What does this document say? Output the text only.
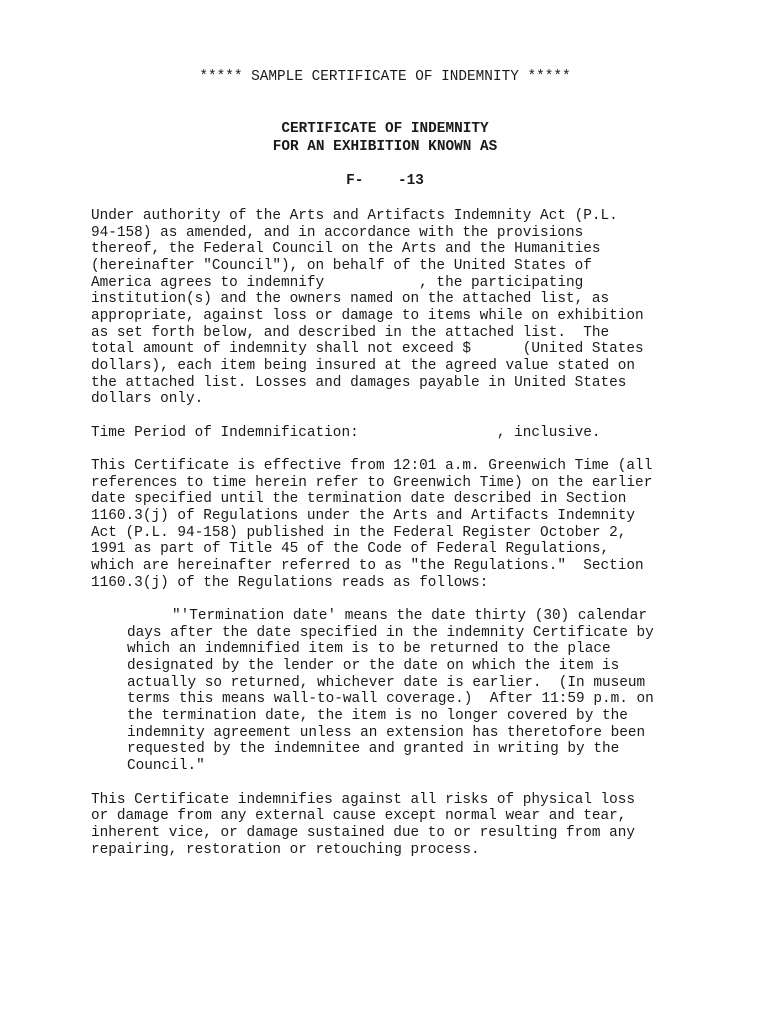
***** SAMPLE CERTIFICATE OF INDEMNITY *****
CERTIFICATE OF INDEMNITY
FOR AN EXHIBITION KNOWN AS
F-    -13
Under authority of the Arts and Artifacts Indemnity Act (P.L.
94-158) as amended, and in accordance with the provisions
thereof, the Federal Council on the Arts and the Humanities
(hereinafter "Council"), on behalf of the United States of
America agrees to indemnify           , the participating
institution(s) and the owners named on the attached list, as
appropriate, against loss or damage to items while on exhibition
as set forth below, and described in the attached list.  The
total amount of indemnity shall not exceed $      (United States
dollars), each item being insured at the agreed value stated on
the attached list. Losses and damages payable in United States
dollars only.
Time Period of Indemnification:                , inclusive.
This Certificate is effective from 12:01 a.m. Greenwich Time (all
references to time herein refer to Greenwich Time) on the earlier
date specified until the termination date described in Section
1160.3(j) of Regulations under the Arts and Artifacts Indemnity
Act (P.L. 94-158) published in the Federal Register October 2,
1991 as part of Title 45 of the Code of Federal Regulations,
which are hereinafter referred to as "the Regulations."  Section
1160.3(j) of the Regulations reads as follows:
"'Termination date' means the date thirty (30) calendar
days after the date specified in the indemnity Certificate by
which an indemnified item is to be returned to the place
designated by the lender or the date on which the item is
actually so returned, whichever date is earlier.  (In museum
terms this means wall-to-wall coverage.)  After 11:59 p.m. on
the termination date, the item is no longer covered by the
indemnity agreement unless an extension has theretofore been
requested by the indemnitee and granted in writing by the
Council."
This Certificate indemnifies against all risks of physical loss
or damage from any external cause except normal wear and tear,
inherent vice, or damage sustained due to or resulting from any
repairing, restoration or retouching process.
